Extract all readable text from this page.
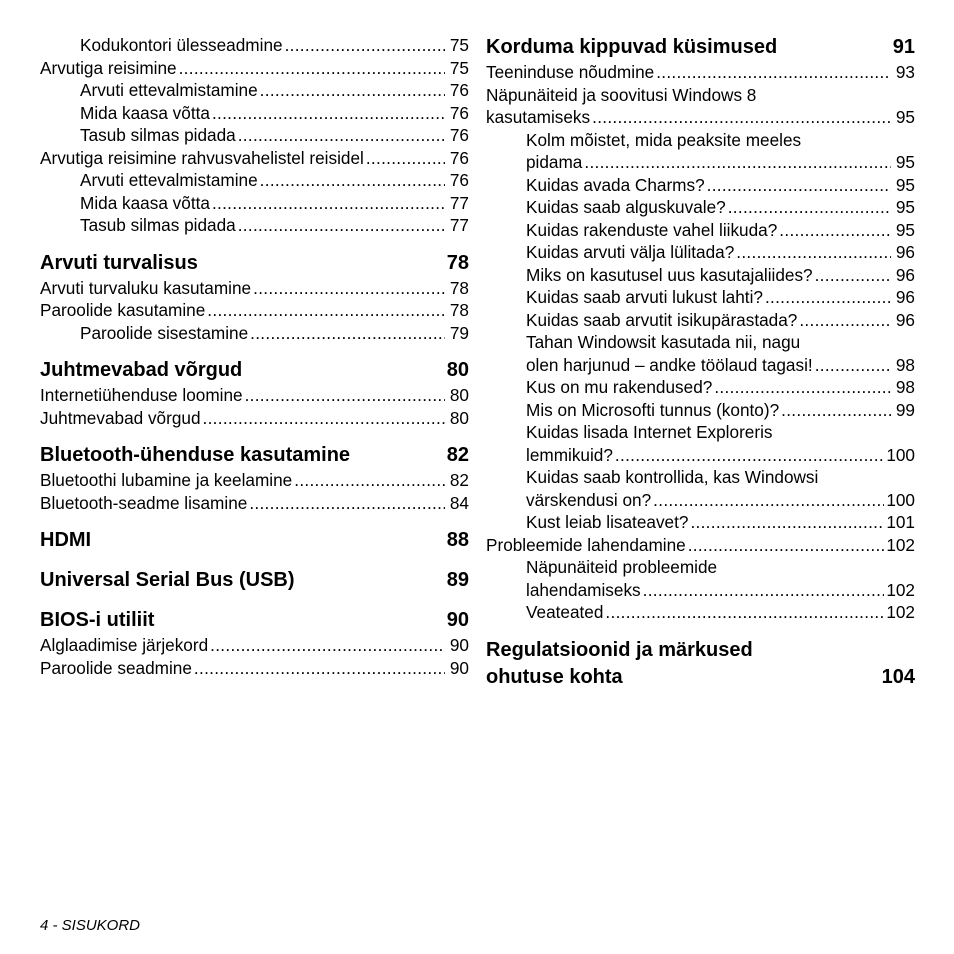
Kodukontori ülesseadmine .....	75
Arvutiga reisimine .....	75
Arvuti ettevalmistamine .....	76
Mida kaasa võtta .....	76
Tasub silmas pidada .....	76
Arvutiga reisimine rahvusvahelistel reisidel .....	76
Arvuti ettevalmistamine .....	76
Mida kaasa võtta .....	77
Tasub silmas pidada .....	77
Arvuti turvalisus	78
Arvuti turvaluku kasutamine .....	78
Paroolide kasutamine .....	78
Paroolide sisestamine .....	79
Juhtmevabad võrgud	80
Internetiühenduse loomine .....	80
Juhtmevabad võrgud .....	80
Bluetooth-ühenduse kasutamine	82
Bluetoothi lubamine ja keelamine .....	82
Bluetooth-seadme lisamine .....	84
HDMI	88
Universal Serial Bus (USB)	89
BIOS-i utiliit	90
Alglaadimise järjekord .....	90
Paroolide seadmine .....	90
Korduma kippuvad küsimused	91
Teeninduse nõudmine .....	93
Näpunäiteid ja soovitusi Windows 8
kasutamiseks .....	95
Kolm mõistet, mida peaksite meeles
pidama .....	95
Kuidas avada Charms? .....	95
Kuidas saab alguskuvale? .....	95
Kuidas rakenduste vahel liikuda? .....	95
Kuidas arvuti välja lülitada? .....	96
Miks on kasutusel uus kasutajaliides? .....	96
Kuidas saab arvuti lukust lahti? .....	96
Kuidas saab arvutit isikupärastada? .....	96
Tahan Windowsit kasutada nii, nagu
olen harjunud – andke töölaud tagasi! .....	98
Kus on mu rakendused? .....	98
Mis on Microsofti tunnus (konto)? .....	99
Kuidas lisada Internet Exploreris
lemmikuid? .....	100
Kuidas saab kontrollida, kas Windowsi
värskendusi on? .....	100
Kust leiab lisateavet? .....	101
Probleemide lahendamine .....	102
Näpunäiteid probleemide
lahendamiseks .....	102
Veateated .....	102
Regulatsioonid ja märkused
ohutuse kohta	104
4 - SISUKORD
